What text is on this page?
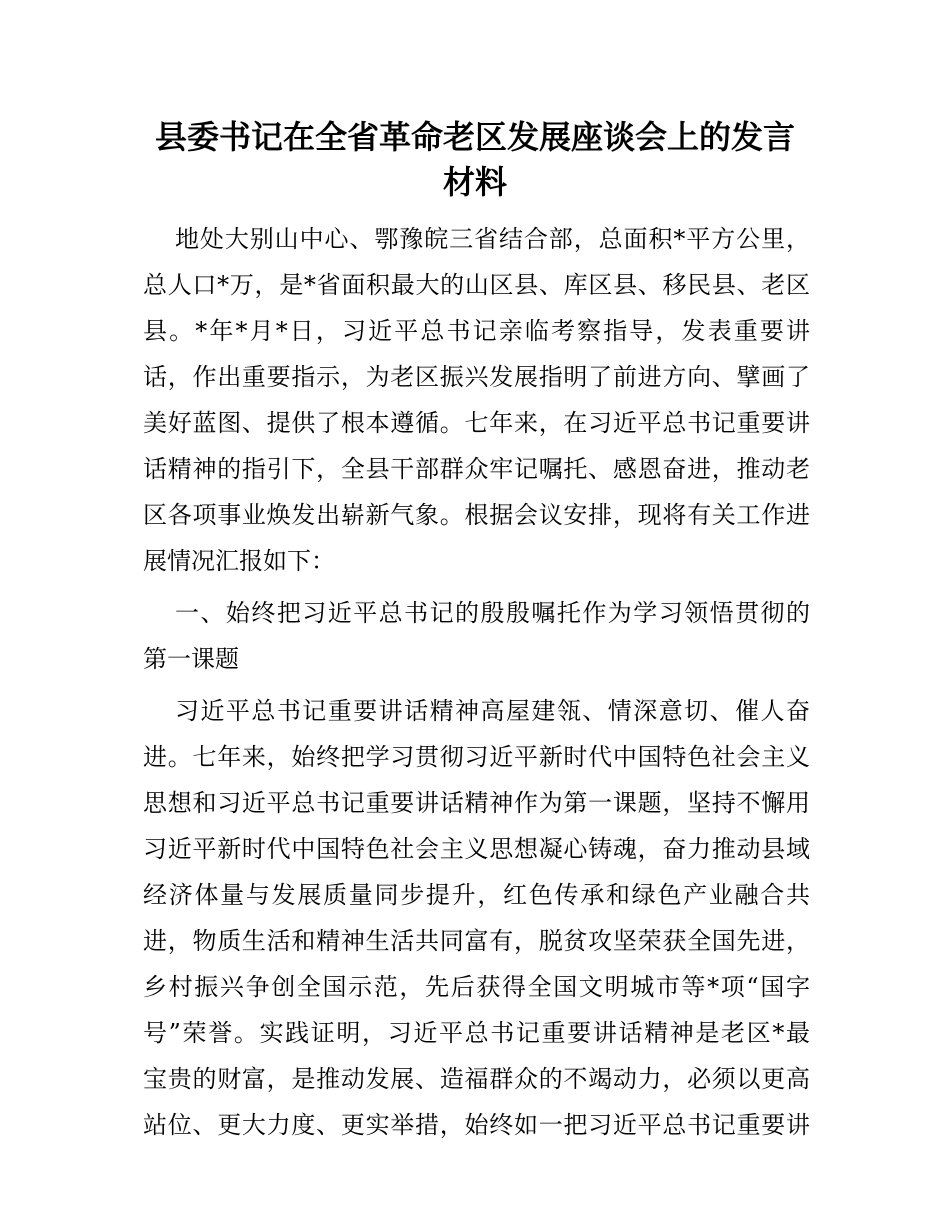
县委书记在全省革命老区发展座谈会上的发言
材料
地处大别山中心、鄂豫皖三省结合部，总面积*平方公里，
总人口*万，是*省面积最大的山区县、库区县、移民县、老区
县。*年*月*日，习近平总书记亲临考察指导，发表重要讲
话，作出重要指示，为老区振兴发展指明了前进方向、擘画了
美好蓝图、提供了根本遵循。七年来，在习近平总书记重要讲
话精神的指引下，全县干部群众牢记嘱托、感恩奋进，推动老
区各项事业焕发出崭新气象。根据会议安排，现将有关工作进
展情况汇报如下：
一、始终把习近平总书记的殷殷嘱托作为学习领悟贯彻的
第一课题
习近平总书记重要讲话精神高屋建瓴、情深意切、催人奋
进。七年来，始终把学习贯彻习近平新时代中国特色社会主义
思想和习近平总书记重要讲话精神作为第一课题，坚持不懈用
习近平新时代中国特色社会主义思想凝心铸魂，奋力推动县域
经济体量与发展质量同步提升，红色传承和绿色产业融合共
进，物质生活和精神生活共同富有，脱贫攻坚荣获全国先进，
乡村振兴争创全国示范，先后获得全国文明城市等*项“国字
号”荣誉。实践证明，习近平总书记重要讲话精神是老区*最
宝贵的财富，是推动发展、造福群众的不竭动力，必须以更高
站位、更大力度、更实举措，始终如一把习近平总书记重要讲
